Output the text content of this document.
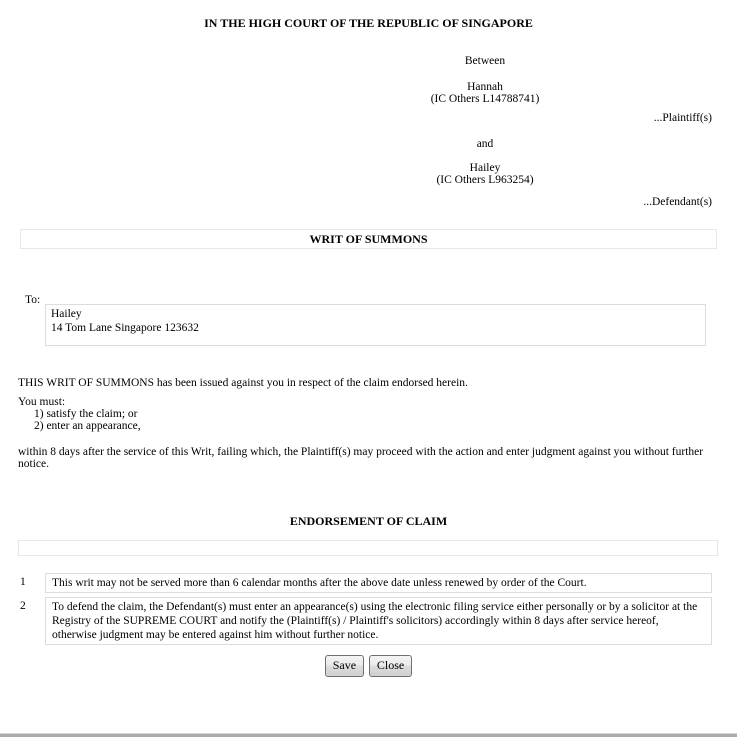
IN THE HIGH COURT OF THE REPUBLIC OF SINGAPORE
Between
Hannah
(IC Others L14788741)
...Plaintiff(s)
and
Hailey
(IC Others L963254)
...Defendant(s)
WRIT OF SUMMONS
To:
Hailey
14 Tom Lane Singapore 123632
THIS WRIT OF SUMMONS has been issued against you in respect of the claim endorsed herein.
You must:
1) satisfy the claim; or
2) enter an appearance,
within 8 days after the service of this Writ, failing which, the Plaintiff(s) may proceed with the action and enter judgment against you without further notice.
ENDORSEMENT OF CLAIM
1	This writ may not be served more than 6 calendar months after the above date unless renewed by order of the Court.
2	To defend the claim, the Defendant(s) must enter an appearance(s) using the electronic filing service either personally or by a solicitor at the Registry of the SUPREME COURT and notify the (Plaintiff(s) / Plaintiff's solicitors) accordingly within 8 days after service hereof, otherwise judgment may be entered against him without further notice.
Save Close
